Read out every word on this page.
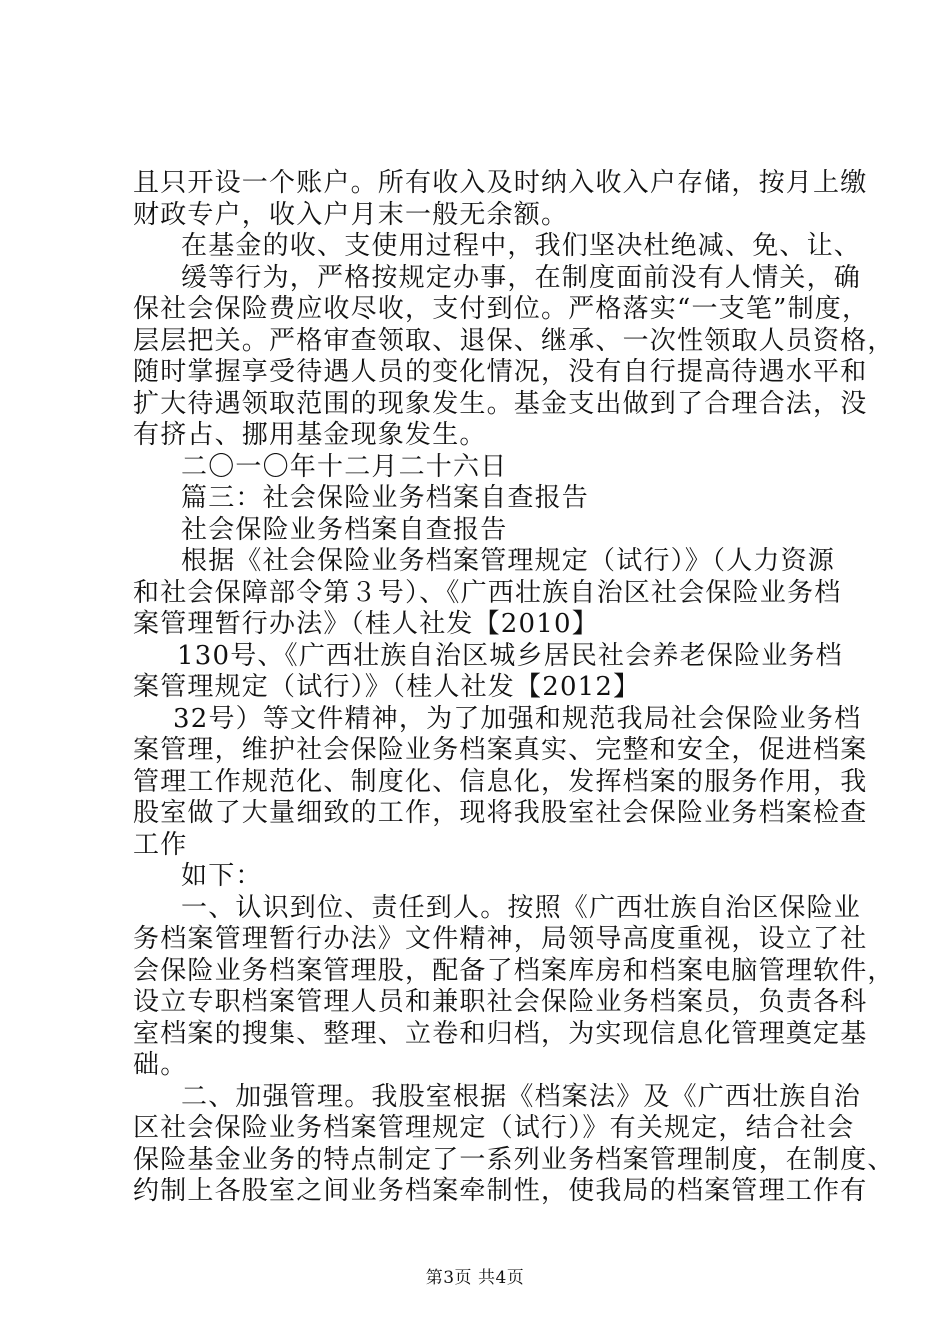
且只开设一个账户。所有收入及时纳入收入户存储，按月上缴
财政专户，收入户月末一般无余额。
在基金的收、支使用过程中，我们坚决杜绝减、免、让、
缓等行为，严格按规定办事，在制度面前没有人情关，确
保社会保险费应收尽收，支付到位。严格落实“一支笔”制度，
层层把关。严格审查领取、退保、继承、一次性领取人员资格，
随时掌握享受待遇人员的变化情况，没有自行提高待遇水平和
扩大待遇领取范围的现象发生。基金支出做到了合理合法，没
有挤占、挪用基金现象发生。
二〇一〇年十二月二十六日
篇三：社会保险业务档案自查报告
社会保险业务档案自查报告
根据《社会保险业务档案管理规定（试行）》（人力资源
和社会保障部令第３号）、《广西壮族自治区社会保险业务档
案管理暂行办法》（桂人社发【2010】
130号、《广西壮族自治区城乡居民社会养老保险业务档
案管理规定（试行）》（桂人社发【2012】
32号）等文件精神，为了加强和规范我局社会保险业务档
案管理，维护社会保险业务档案真实、完整和安全，促进档案
管理工作规范化、制度化、信息化，发挥档案的服务作用，我
股室做了大量细致的工作，现将我股室社会保险业务档案检查
工作
如下：
一、认识到位、责任到人。按照《广西壮族自治区保险业
务档案管理暂行办法》文件精神，局领导高度重视，设立了社
会保险业务档案管理股，配备了档案库房和档案电脑管理软件，
设立专职档案管理人员和兼职社会保险业务档案员，负责各科
室档案的搜集、整理、立卷和归档，为实现信息化管理奠定基
础。
二、加强管理。我股室根据《档案法》及《广西壮族自治
区社会保险业务档案管理规定（试行）》有关规定，结合社会
保险基金业务的特点制定了一系列业务档案管理制度，在制度、
约制上各股室之间业务档案牵制性，使我局的档案管理工作有
第3页 共4页
